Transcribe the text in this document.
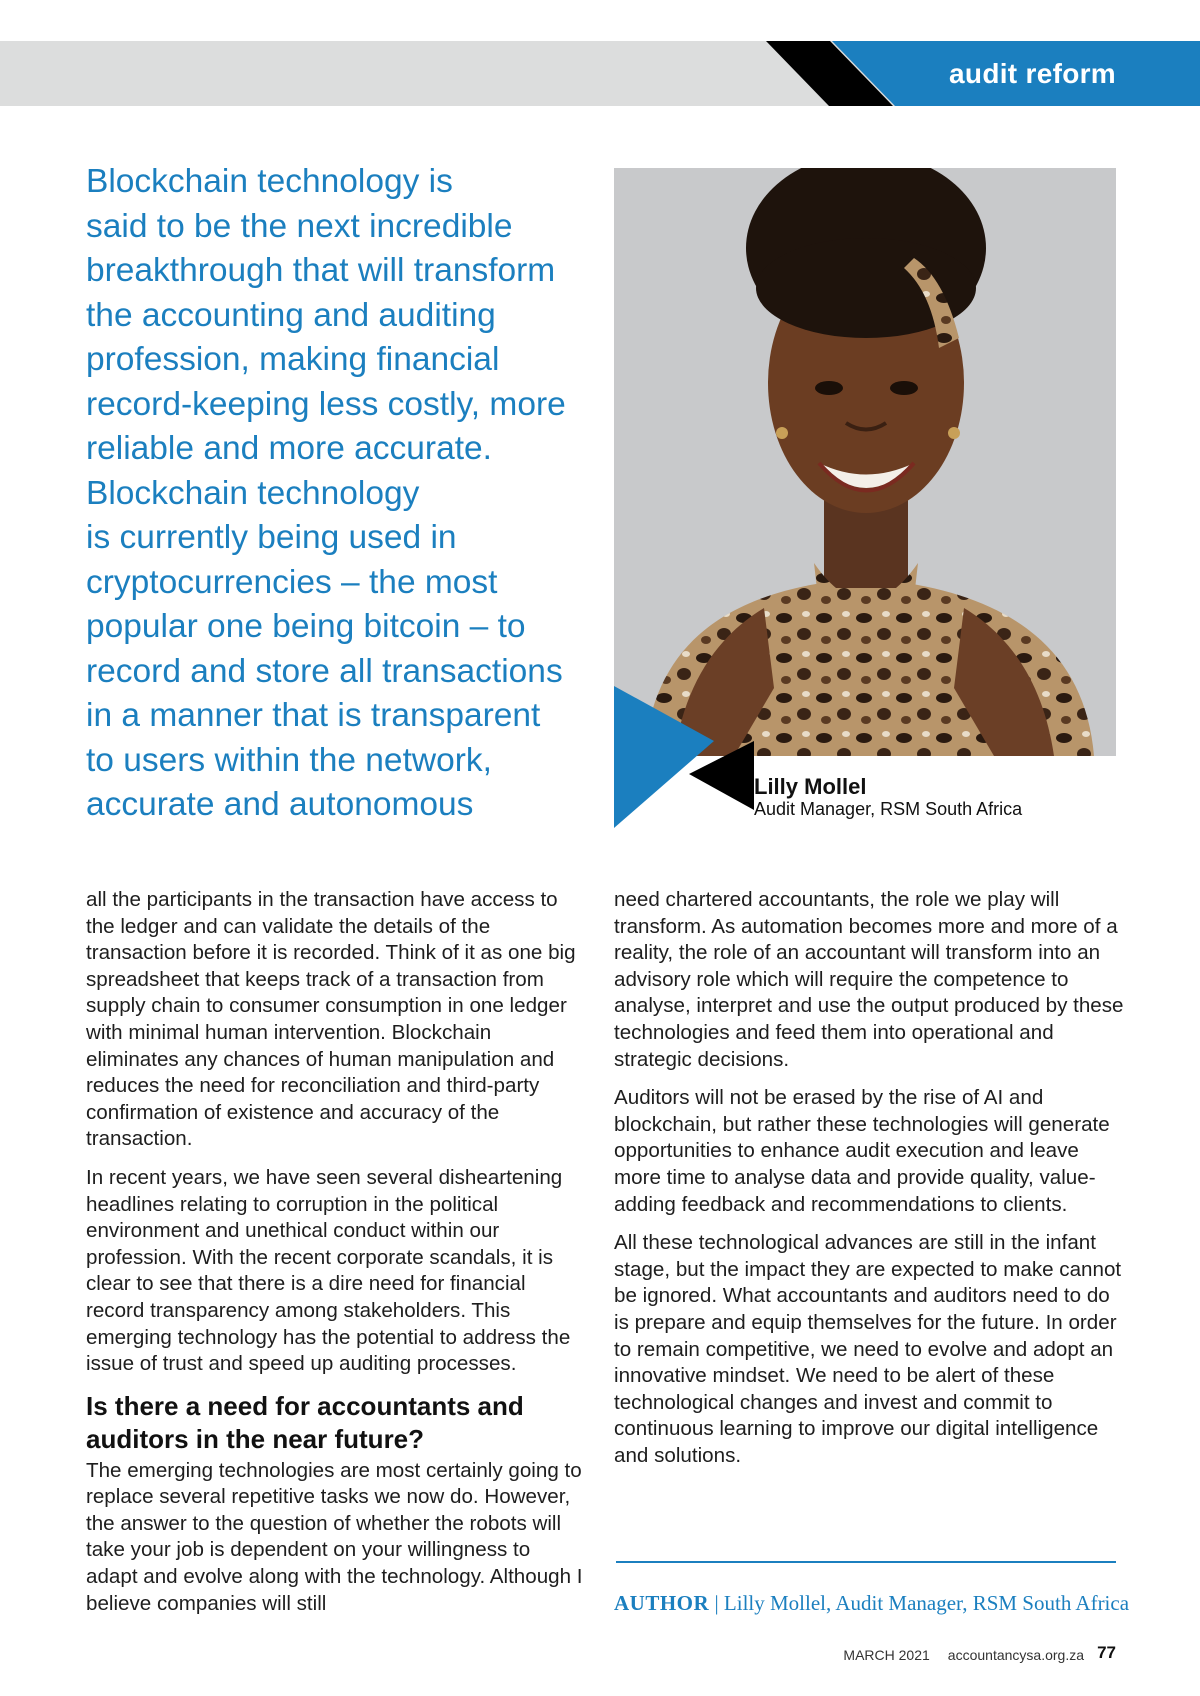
audit reform
Blockchain technology is
said to be the next incredible
breakthrough that will transform
the accounting and auditing
profession, making financial
record-keeping less costly, more
reliable and more accurate.
Blockchain technology
is currently being used in
cryptocurrencies – the most
popular one being bitcoin – to
record and store all transactions
in a manner that is transparent
to users within the network,
accurate and autonomous	Lilly Mollel
Audit Manager, RSM South Africa

all the participants in the transaction have access to the ledger and can validate the details of the transaction before it is recorded. Think of it as one big spreadsheet that keeps track of a transaction from supply chain to consumer consumption in one ledger with minimal human intervention. Blockchain eliminates any chances of human manipulation and reduces the need for reconciliation and third-party confirmation of existence and accuracy of the transaction.

In recent years, we have seen several disheartening headlines relating to corruption in the political environment and unethical conduct within our profession. With the recent corporate scandals, it is clear to see that there is a dire need for financial record transparency among stakeholders. This emerging technology has the potential to address the issue of trust and speed up auditing processes.

Is there a need for accountants and auditors in the near future?

The emerging technologies are most certainly going to replace several repetitive tasks we now do. However, the answer to the question of whether the robots will take your job is dependent on your willingness to adapt and evolve along with the technology. Although I believe companies will still

need chartered accountants, the role we play will transform. As automation becomes more and more of a reality, the role of an accountant will transform into an advisory role which will require the competence to analyse, interpret and use the output produced by these technologies and feed them into operational and strategic decisions.

Auditors will not be erased by the rise of AI and blockchain, but rather these technologies will generate opportunities to enhance audit execution and leave more time to analyse data and provide quality, value-adding feedback and recommendations to clients.

All these technological advances are still in the infant stage, but the impact they are expected to make cannot be ignored. What accountants and auditors need to do is prepare and equip themselves for the future. In order to remain competitive, we need to evolve and adopt an innovative mindset. We need to be alert of these technological changes and invest and commit to continuous learning to improve our digital intelligence and solutions.

AUTHOR | Lilly Mollel, Audit Manager, RSM South Africa
MARCH 2021 accountancysa.org.za 77
